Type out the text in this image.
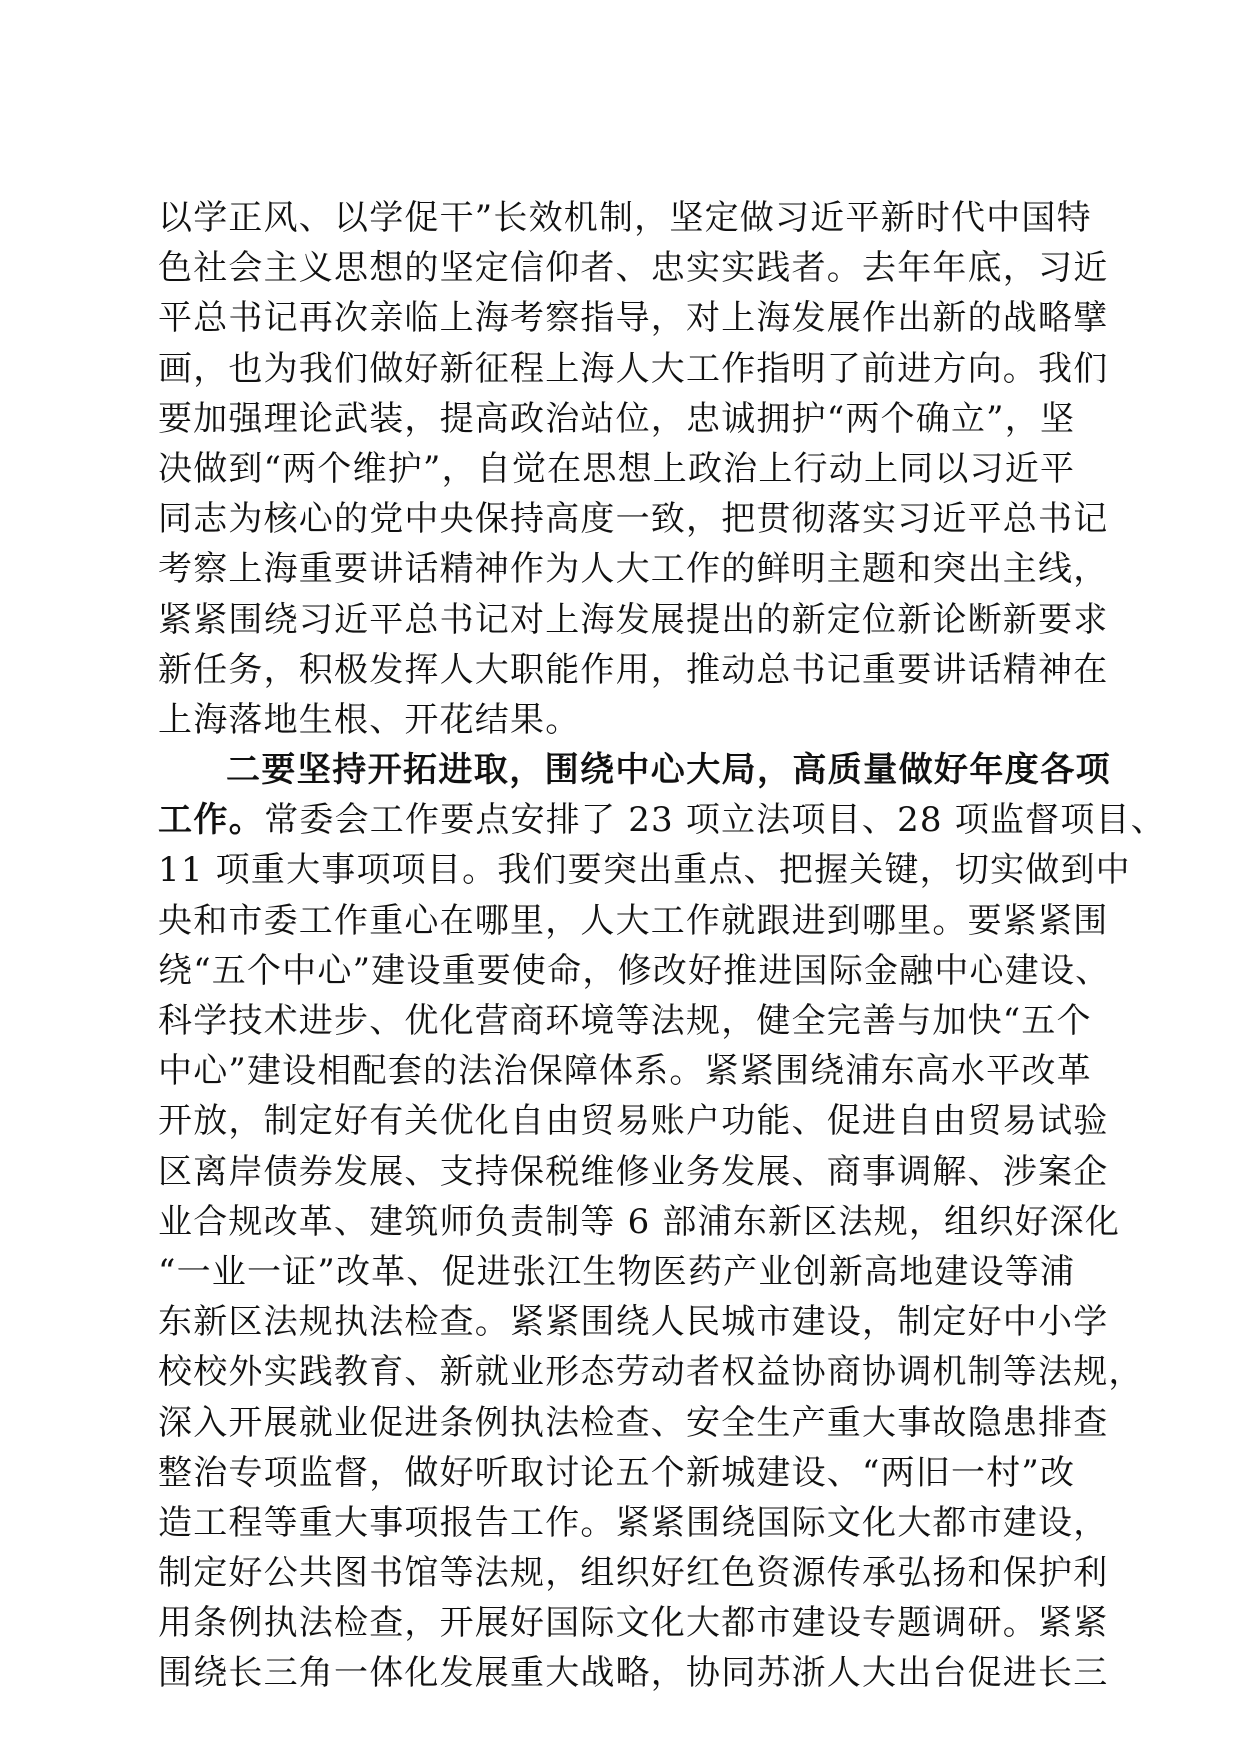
以学正风、以学促干”长效机制，坚定做习近平新时代中国特
色社会主义思想的坚定信仰者、忠实实践者。去年年底，习近
平总书记再次亲临上海考察指导，对上海发展作出新的战略擘
画，也为我们做好新征程上海人大工作指明了前进方向。我们
要加强理论武装，提高政治站位，忠诚拥护“两个确立”，坚
决做到“两个维护”，自觉在思想上政治上行动上同以习近平
同志为核心的党中央保持高度一致，把贯彻落实习近平总书记
考察上海重要讲话精神作为人大工作的鲜明主题和突出主线，
紧紧围绕习近平总书记对上海发展提出的新定位新论断新要求
新任务，积极发挥人大职能作用，推动总书记重要讲话精神在
上海落地生根、开花结果。
二要坚持开拓进取，围绕中心大局，高质量做好年度各项
工作。常委会工作要点安排了 23 项立法项目、28 项监督项目、
11 项重大事项项目。我们要突出重点、把握关键，切实做到中
央和市委工作重心在哪里，人大工作就跟进到哪里。要紧紧围
绕“五个中心”建设重要使命，修改好推进国际金融中心建设、
科学技术进步、优化营商环境等法规，健全完善与加快“五个
中心”建设相配套的法治保障体系。紧紧围绕浦东高水平改革
开放，制定好有关优化自由贸易账户功能、促进自由贸易试验
区离岸债券发展、支持保税维修业务发展、商事调解、涉案企
业合规改革、建筑师负责制等 6 部浦东新区法规，组织好深化
“一业一证”改革、促进张江生物医药产业创新高地建设等浦
东新区法规执法检查。紧紧围绕人民城市建设，制定好中小学
校校外实践教育、新就业形态劳动者权益协商协调机制等法规，
深入开展就业促进条例执法检查、安全生产重大事故隐患排查
整治专项监督，做好听取讨论五个新城建设、“两旧一村”改
造工程等重大事项报告工作。紧紧围绕国际文化大都市建设，
制定好公共图书馆等法规，组织好红色资源传承弘扬和保护利
用条例执法检查，开展好国际文化大都市建设专题调研。紧紧
围绕长三角一体化发展重大战略，协同苏浙人大出台促进长三
